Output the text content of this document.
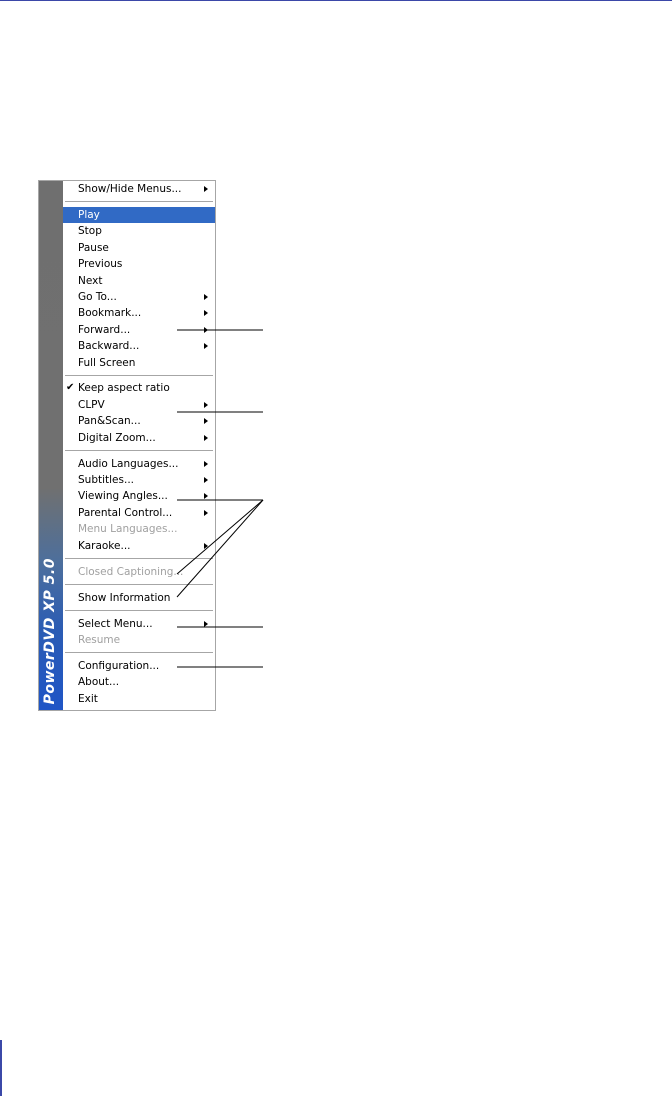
PowerDVD XP 5.0
Show/Hide Menus...
Play
Stop
Pause
Previous
Next
Go To...
Bookmark...
Forward...
Backward...
Full Screen
✔ Keep aspect ratio
CLPV
Pan&Scan...
Digital Zoom...
Audio Languages...
Subtitles...
Viewing Angles...
Parental Control...
Menu Languages...
Karaoke...
Closed Captioning...
Show Information
Select Menu...
Resume
Configuration...
About...
Exit
